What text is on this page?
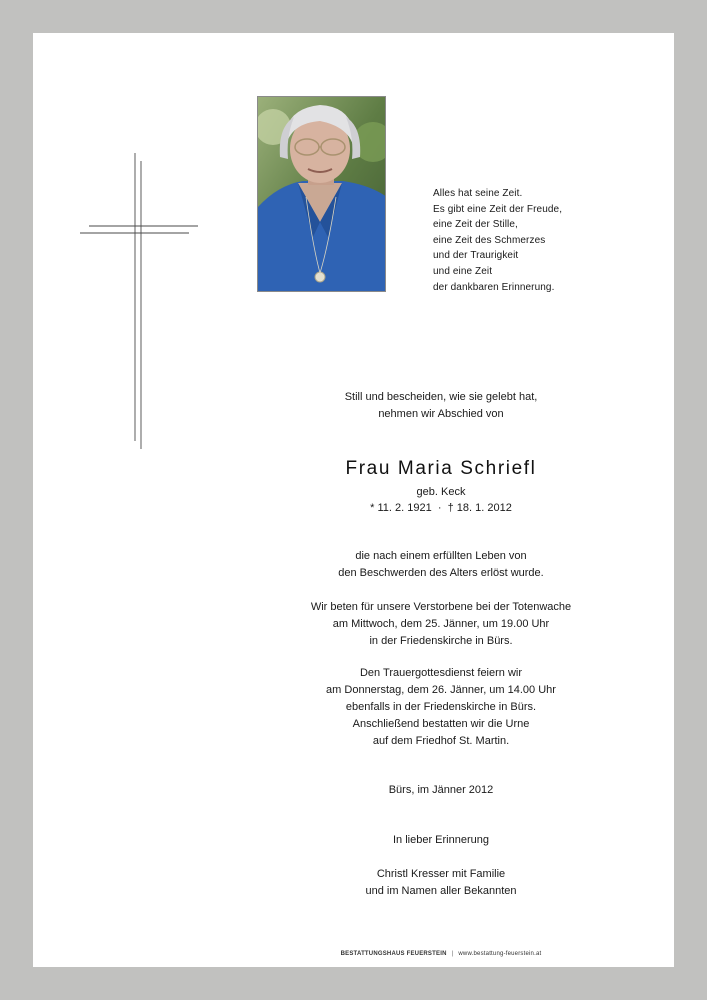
Alles hat seine Zeit.
Es gibt eine Zeit der Freude,
eine Zeit der Stille,
eine Zeit des Schmerzes
und der Traurigkeit
und eine Zeit
der dankbaren Erinnerung.
Still und bescheiden, wie sie gelebt hat,
nehmen wir Abschied von
Frau Maria Schriefl
geb. Keck
* 11. 2. 1921  ·  † 18. 1. 2012
die nach einem erfüllten Leben von
den Beschwerden des Alters erlöst wurde.
Wir beten für unsere Verstorbene bei der Totenwache
am Mittwoch, dem 25. Jänner, um 19.00 Uhr
in der Friedenskirche in Bürs.
Den Trauergottesdienst feiern wir
am Donnerstag, dem 26. Jänner, um 14.00 Uhr
ebenfalls in der Friedenskirche in Bürs.
Anschließend bestatten wir die Urne
auf dem Friedhof St. Martin.
Bürs, im Jänner 2012
In lieber Erinnerung
Christl Kresser mit Familie
und im Namen aller Bekannten
BESTATTUNGSHAUS FEUERSTEIN | www.bestattung-feuerstein.at
